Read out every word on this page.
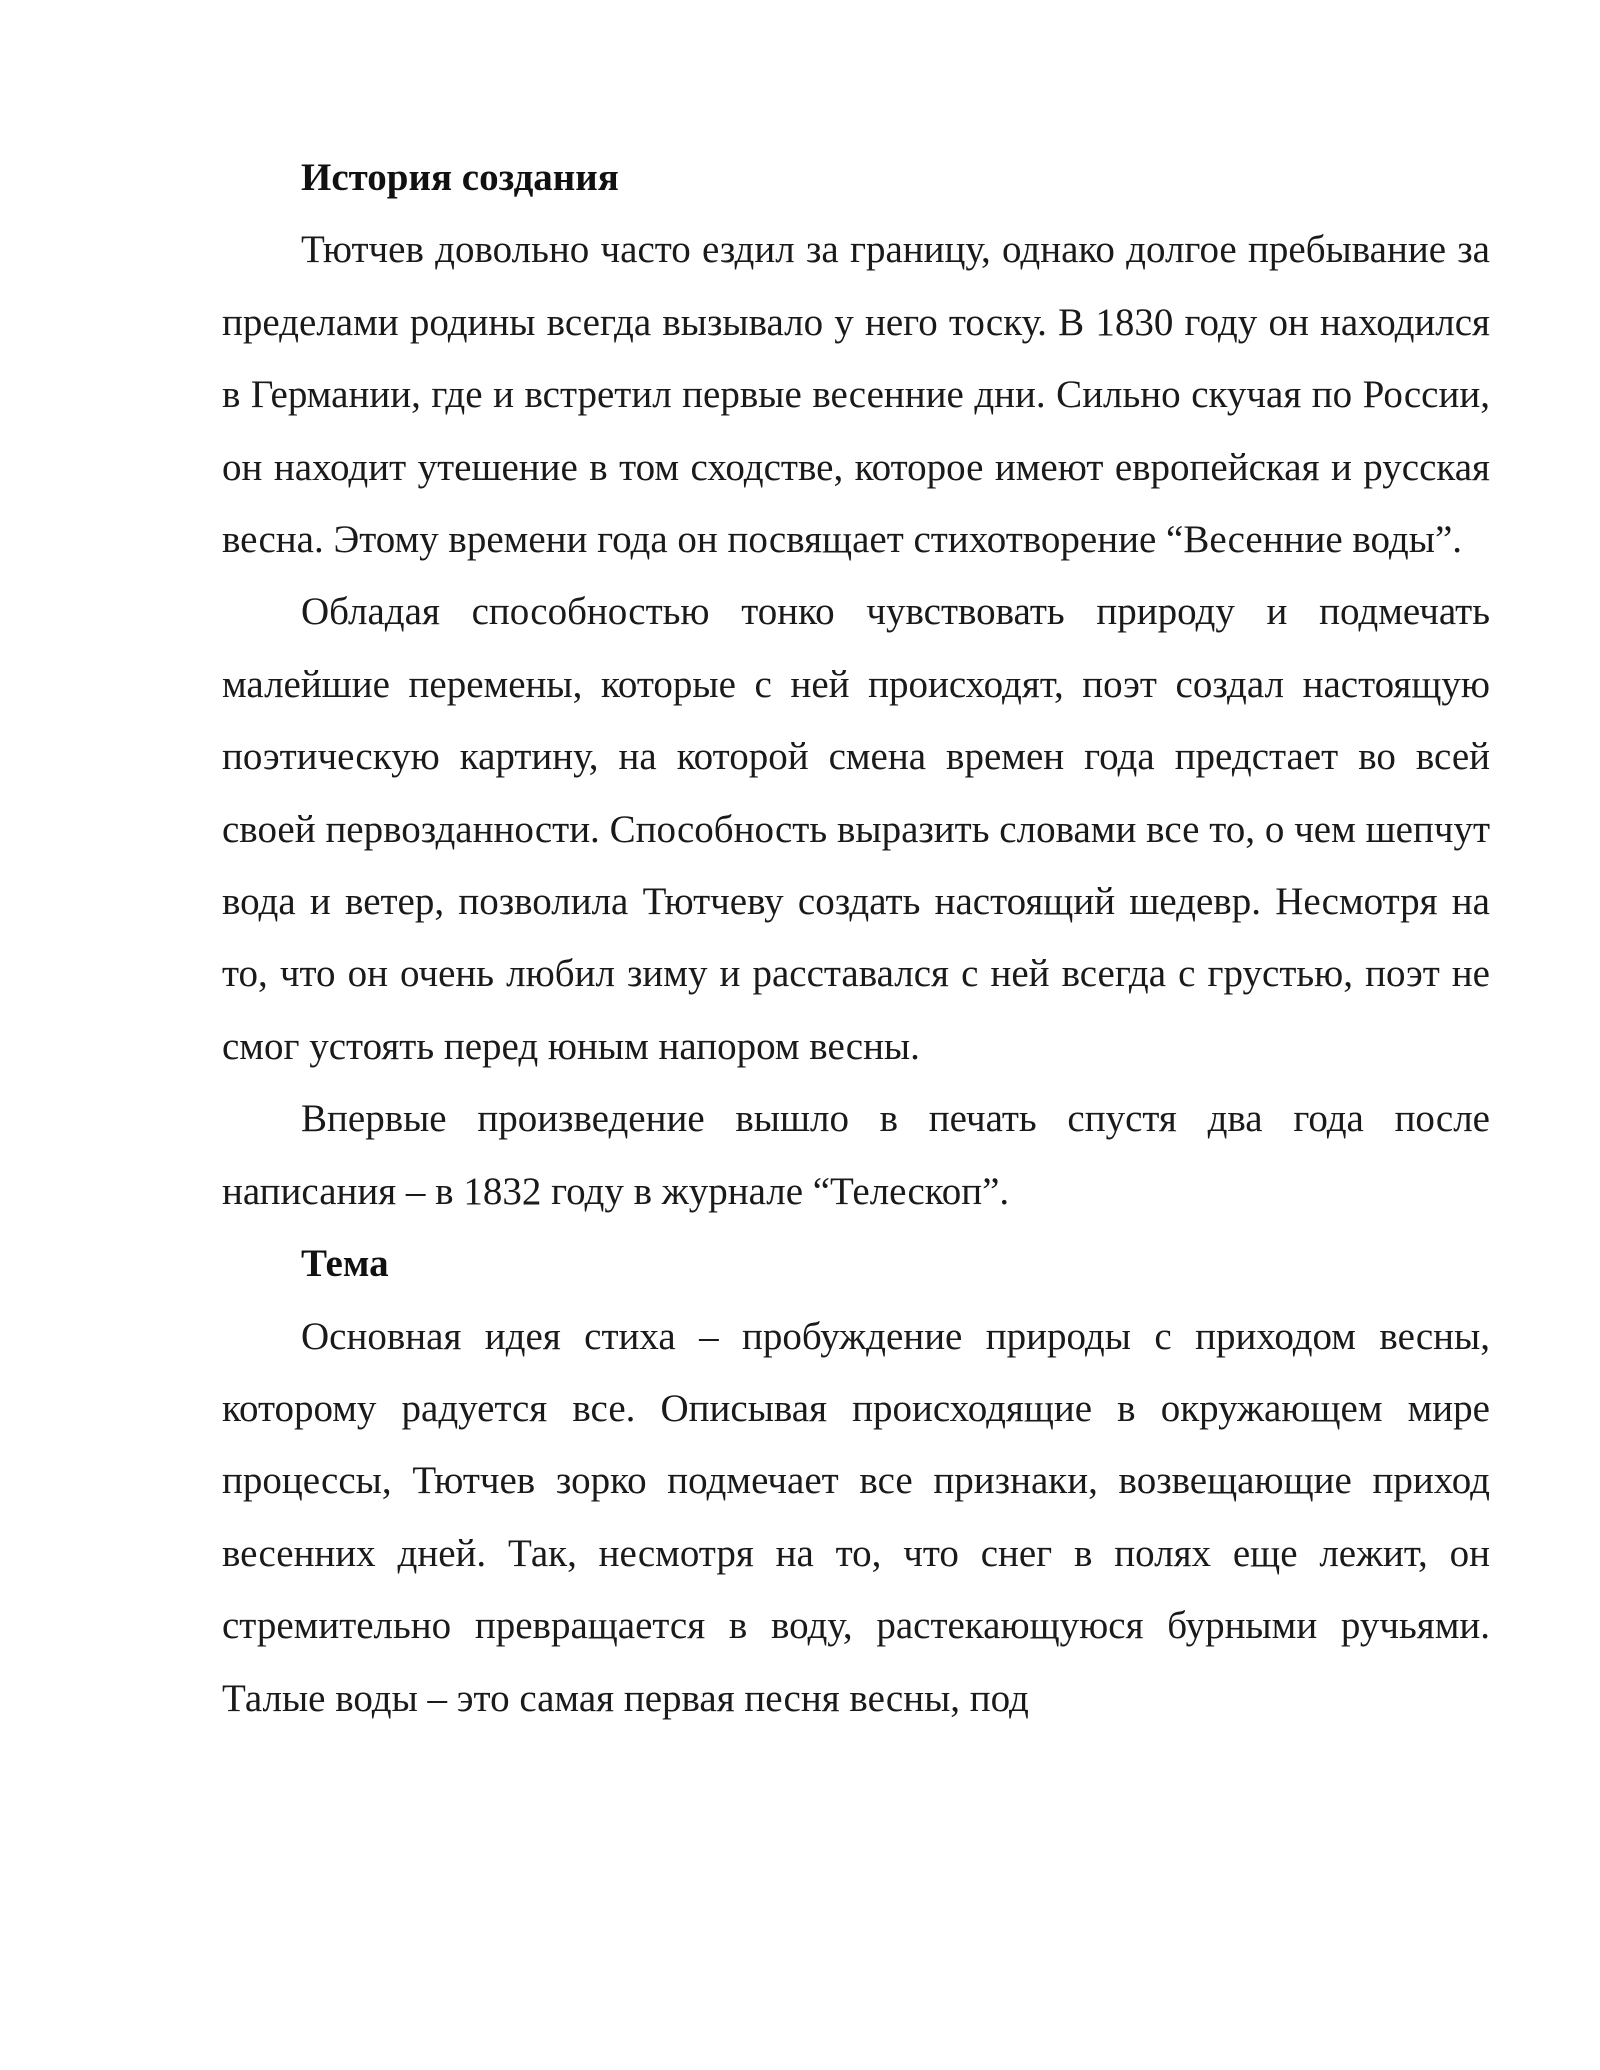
История создания

Тютчев довольно часто ездил за границу, однако долгое пребывание за пределами родины всегда вызывало у него тоску. В 1830 году он находился в Германии, где и встретил первые весенние дни. Сильно скучая по России, он находит утешение в том сходстве, которое имеют европейская и русская весна. Этому времени года он посвящает стихотворение “Весенние воды”.

Обладая способностью тонко чувствовать природу и подмечать малейшие перемены, которые с ней происходят, поэт создал настоящую поэтическую картину, на которой смена времен года предстает во всей своей первозданности. Способность выразить словами все то, о чем шепчут вода и ветер, позволила Тютчеву создать настоящий шедевр. Несмотря на то, что он очень любил зиму и расставался с ней всегда с грустью, поэт не смог устоять перед юным напором весны.

Впервые произведение вышло в печать спустя два года после написания – в 1832 году в журнале “Телескоп”.

Тема

Основная идея стиха – пробуждение природы с приходом весны, которому радуется все. Описывая происходящие в окружающем мире процессы, Тютчев зорко подмечает все признаки, возвещающие приход весенних дней. Так, несмотря на то, что снег в полях еще лежит, он стремительно превращается в воду, растекающуюся бурными ручьями. Талые воды – это самая первая песня весны, под
